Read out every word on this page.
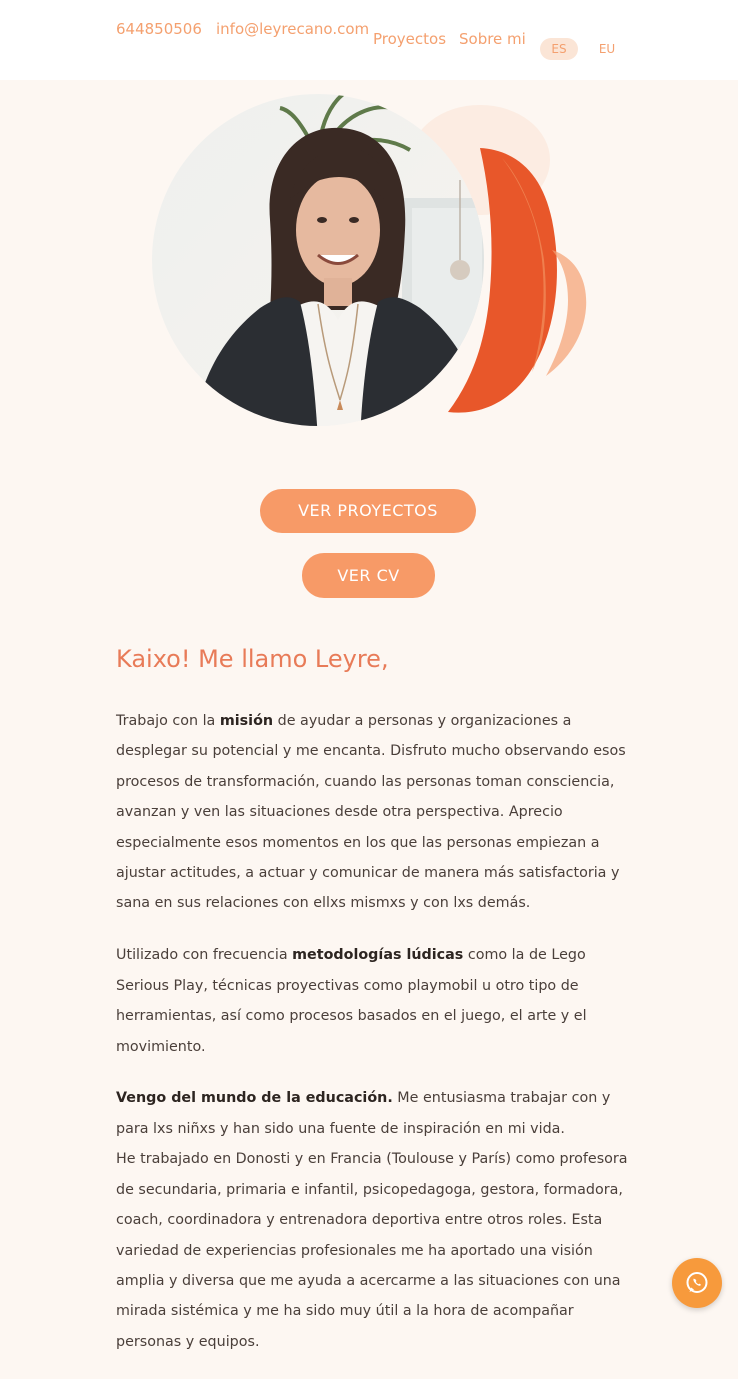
644850506 info@leyrecano.com
Proyectos Sobre mi
ES	EU
VER PROYECTOS
VER CV
Kaixo! Me llamo Leyre,

Trabajo con la misión de ayudar a personas y organizaciones a desplegar su potencial y me encanta. Disfruto mucho observando esos procesos de transformación, cuando las personas toman consciencia, avanzan y ven las situaciones desde otra perspectiva. Aprecio especialmente esos momentos en los que las personas empiezan a ajustar actitudes, a actuar y comunicar de manera más satisfactoria y sana en sus relaciones con ellxs mismxs y con lxs demás.

Utilizado con frecuencia metodologías lúdicas como la de Lego Serious Play, técnicas proyectivas como playmobil u otro tipo de herramientas, así como procesos basados en el juego, el arte y el movimiento.

Vengo del mundo de la educación. Me entusiasma trabajar con y para lxs niñxs y han sido una fuente de inspiración en mi vida.
He trabajado en Donosti y en Francia (Toulouse y París) como profesora de secundaria, primaria e infantil, psicopedagoga, gestora, formadora, coach, coordinadora y entrenadora deportiva entre otros roles. Esta variedad de experiencias profesionales me ha aportado una visión amplia y diversa que me ayuda a acercarme a las situaciones con una mirada sistémica y me ha sido muy útil a la hora de acompañar personas y equipos.
